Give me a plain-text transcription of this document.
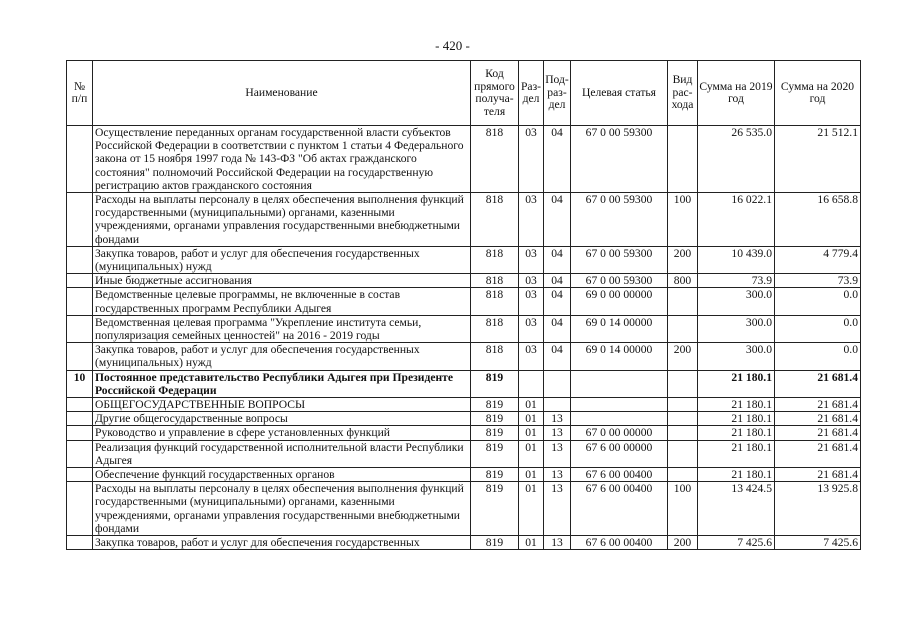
- 420 -
№ п/п	Наименование	Код прямого получа-теля	Раз-дел	Под-раз-дел	Целевая статья	Вид рас-хода	Сумма на 2019 год	Сумма на 2020 год
	Осуществление переданных органам государственной власти субъектов Российской Федерации в соответствии с пунктом 1 статьи 4 Федерального закона от 15 ноября 1997 года № 143-ФЗ "Об актах гражданского состояния" полномочий Российской Федерации на государственную регистрацию актов гражданского состояния	818	03	04	67 0 00 59300		26 535.0	21 512.1
	Расходы на выплаты персоналу в целях обеспечения выполнения функций государственными (муниципальными) органами, казенными учреждениями, органами управления государственными внебюджетными фондами	818	03	04	67 0 00 59300	100	16 022.1	16 658.8
	Закупка товаров, работ и услуг для обеспечения государственных (муниципальных) нужд	818	03	04	67 0 00 59300	200	10 439.0	4 779.4
	Иные бюджетные ассигнования	818	03	04	67 0 00 59300	800	73.9	73.9
	Ведомственные целевые программы, не включенные в состав государственных программ Республики Адыгея	818	03	04	69 0 00 00000		300.0	0.0
	Ведомственная целевая программа "Укрепление института семьи, популяризация семейных ценностей" на 2016 - 2019 годы	818	03	04	69 0 14 00000		300.0	0.0
	Закупка товаров, работ и услуг для обеспечения государственных (муниципальных) нужд	818	03	04	69 0 14 00000	200	300.0	0.0
10	Постоянное представительство Республики Адыгея при Президенте Российской Федерации	819					21 180.1	21 681.4
	ОБЩЕГОСУДАРСТВЕННЫЕ ВОПРОСЫ	819	01				21 180.1	21 681.4
	Другие общегосударственные вопросы	819	01	13			21 180.1	21 681.4
	Руководство и управление в сфере установленных функций	819	01	13	67 0 00 00000		21 180.1	21 681.4
	Реализация функций государственной исполнительной власти Республики Адыгея	819	01	13	67 6 00 00000		21 180.1	21 681.4
	Обеспечение функций государственных органов	819	01	13	67 6 00 00400		21 180.1	21 681.4
	Расходы на выплаты персоналу в целях обеспечения выполнения функций государственными (муниципальными) органами, казенными учреждениями, органами управления государственными внебюджетными фондами	819	01	13	67 6 00 00400	100	13 424.5	13 925.8
	Закупка товаров, работ и услуг для обеспечения государственных	819	01	13	67 6 00 00400	200	7 425.6	7 425.6
